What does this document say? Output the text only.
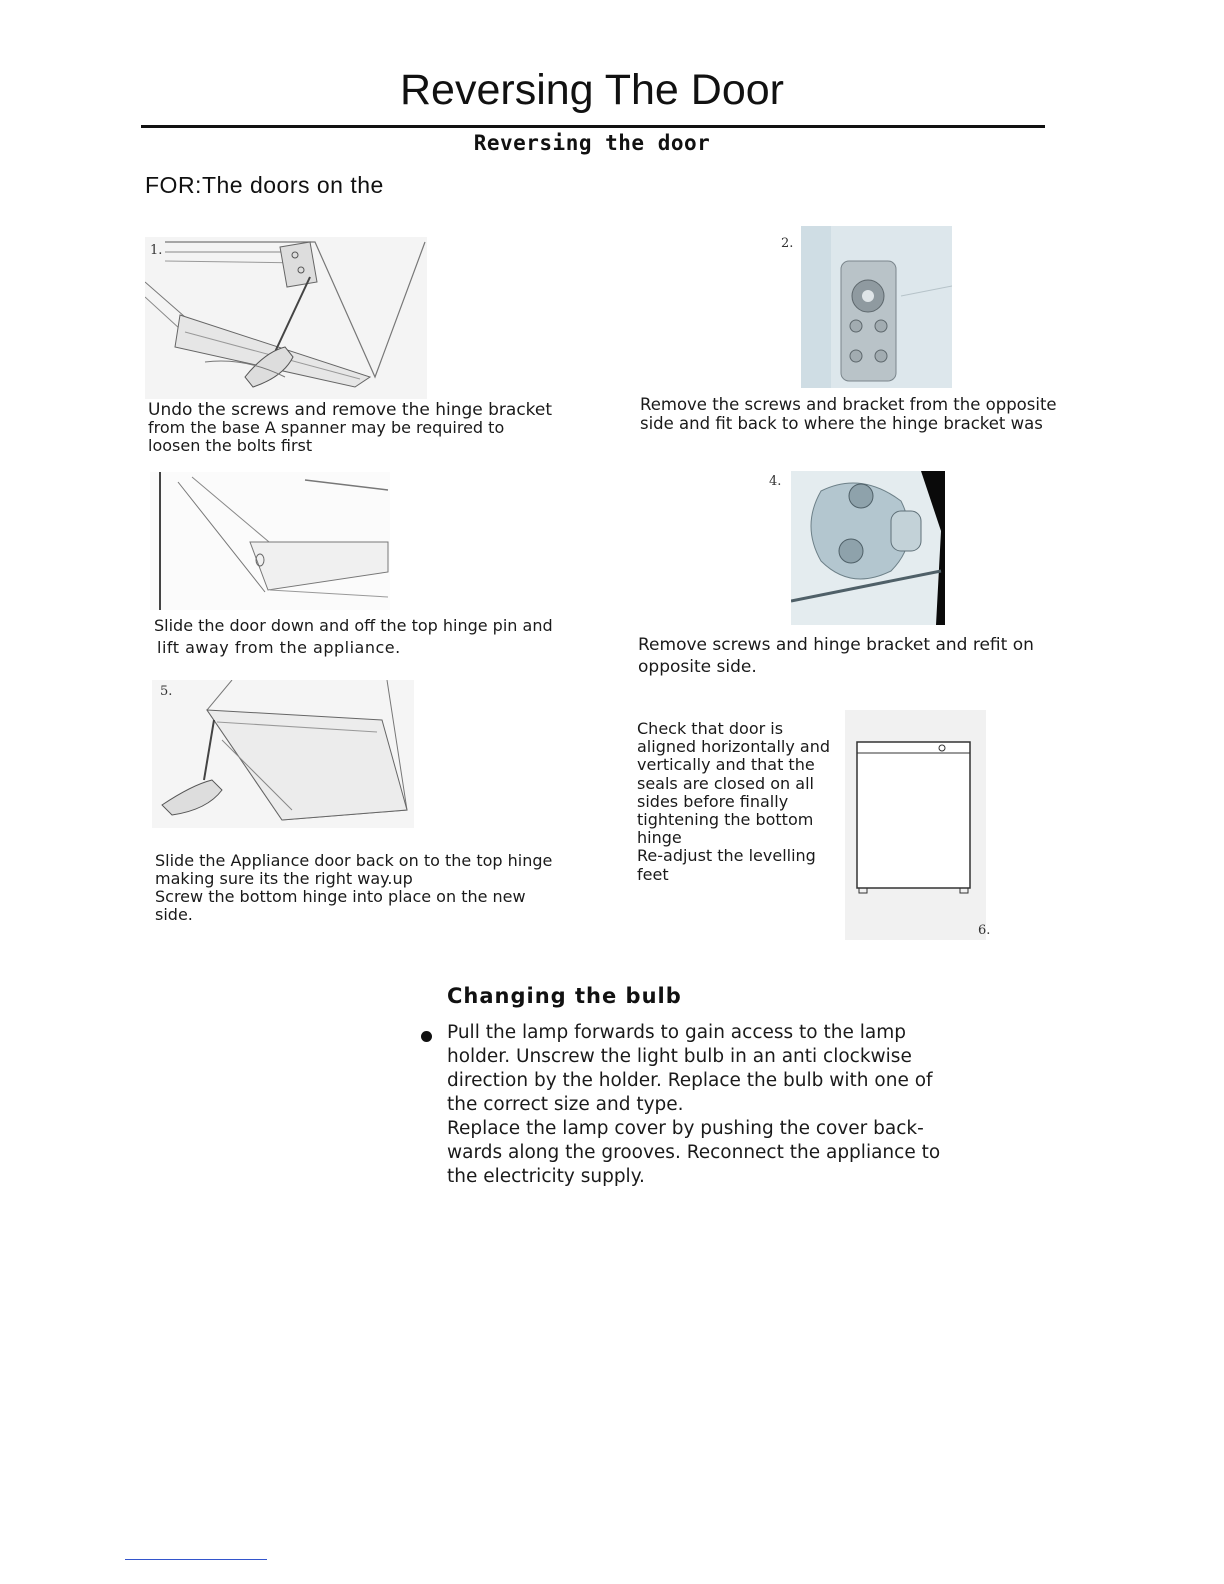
Reversing The Door
Reversing the door
FOR:The doors on the
1.
Undo the screws and remove the hinge bracket
from the base A spanner may be required to
loosen the bolts first
2.
Remove the screws and bracket from the opposite
side and fit back to where the hinge bracket was
Slide the door down and off the top hinge pin and
lift away from the appliance.
4.
Remove screws and hinge bracket and refit on
opposite side.
5.
Slide the Appliance door back on to the top hinge
making sure its the right way.up
Screw the bottom hinge into place on the new
side.
Check that door is
aligned horizontally and
vertically and that the
seals are closed on all
sides before finally
tightening the bottom
hinge
Re-adjust the levelling
feet
6.
Changing the bulb
Pull the lamp forwards to gain access to the lamp
holder. Unscrew the light bulb in an anti clockwise
direction by the holder. Replace the bulb with one of
the correct size and type.
Replace the lamp cover by pushing the cover back-
wards along the grooves. Reconnect the appliance to
the electricity supply.
